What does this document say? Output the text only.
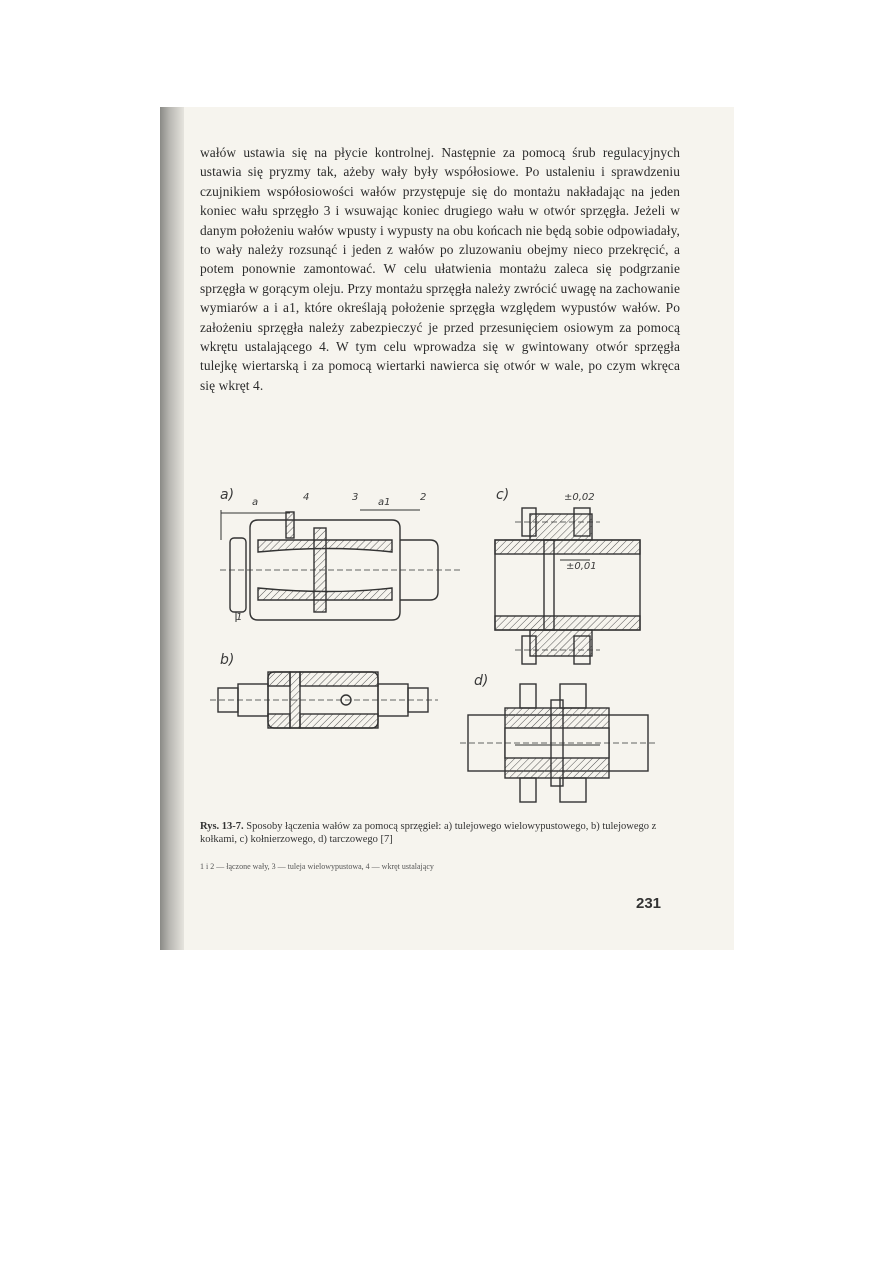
wałów ustawia się na płycie kontrolnej. Następnie za pomocą śrub regulacyjnych ustawia się pryzmy tak, ażeby wały były współosiowe. Po ustaleniu i sprawdzeniu czujnikiem współosiowości wałów przystępuje się do montażu nakładając na jeden koniec wału sprzęgło 3 i wsuwając koniec drugiego wału w otwór sprzęgła. Jeżeli w danym położeniu wałów wpusty i wypusty na obu końcach nie będą sobie odpowiadały, to wały należy rozsunąć i jeden z wałów po zluzowaniu obejmy nieco przekręcić, a potem ponownie zamontować. W celu ułatwienia montażu zaleca się podgrzanie sprzęgła w gorącym oleju. Przy montażu sprzęgła należy zwrócić uwagę na zachowanie wymiarów a i a1, które określają położenie sprzęgła względem wypustów wałów. Po założeniu sprzęgła należy zabezpieczyć je przed przesunięciem osiowym za pomocą wkrętu ustalającego 4. W tym celu wprowadza się w gwintowany otwór sprzęgła tulejkę wiertarską i za pomocą wiertarki nawierca się otwór w wale, po czym wkręca się wkręt 4.

a)
b)
c)
d)
a	a1
4	3	2
1
±0,02
±0,01

Rys. 13-7. Sposoby łączenia wałów za pomocą sprzęgieł: a) tulejowego wielowypustowego, b) tulejowego z kołkami, c) kołnierzowego, d) tarczowego [7]

1 i 2 — łączone wały, 3 — tuleja wielowypustowa, 4 — wkręt ustalający

231
